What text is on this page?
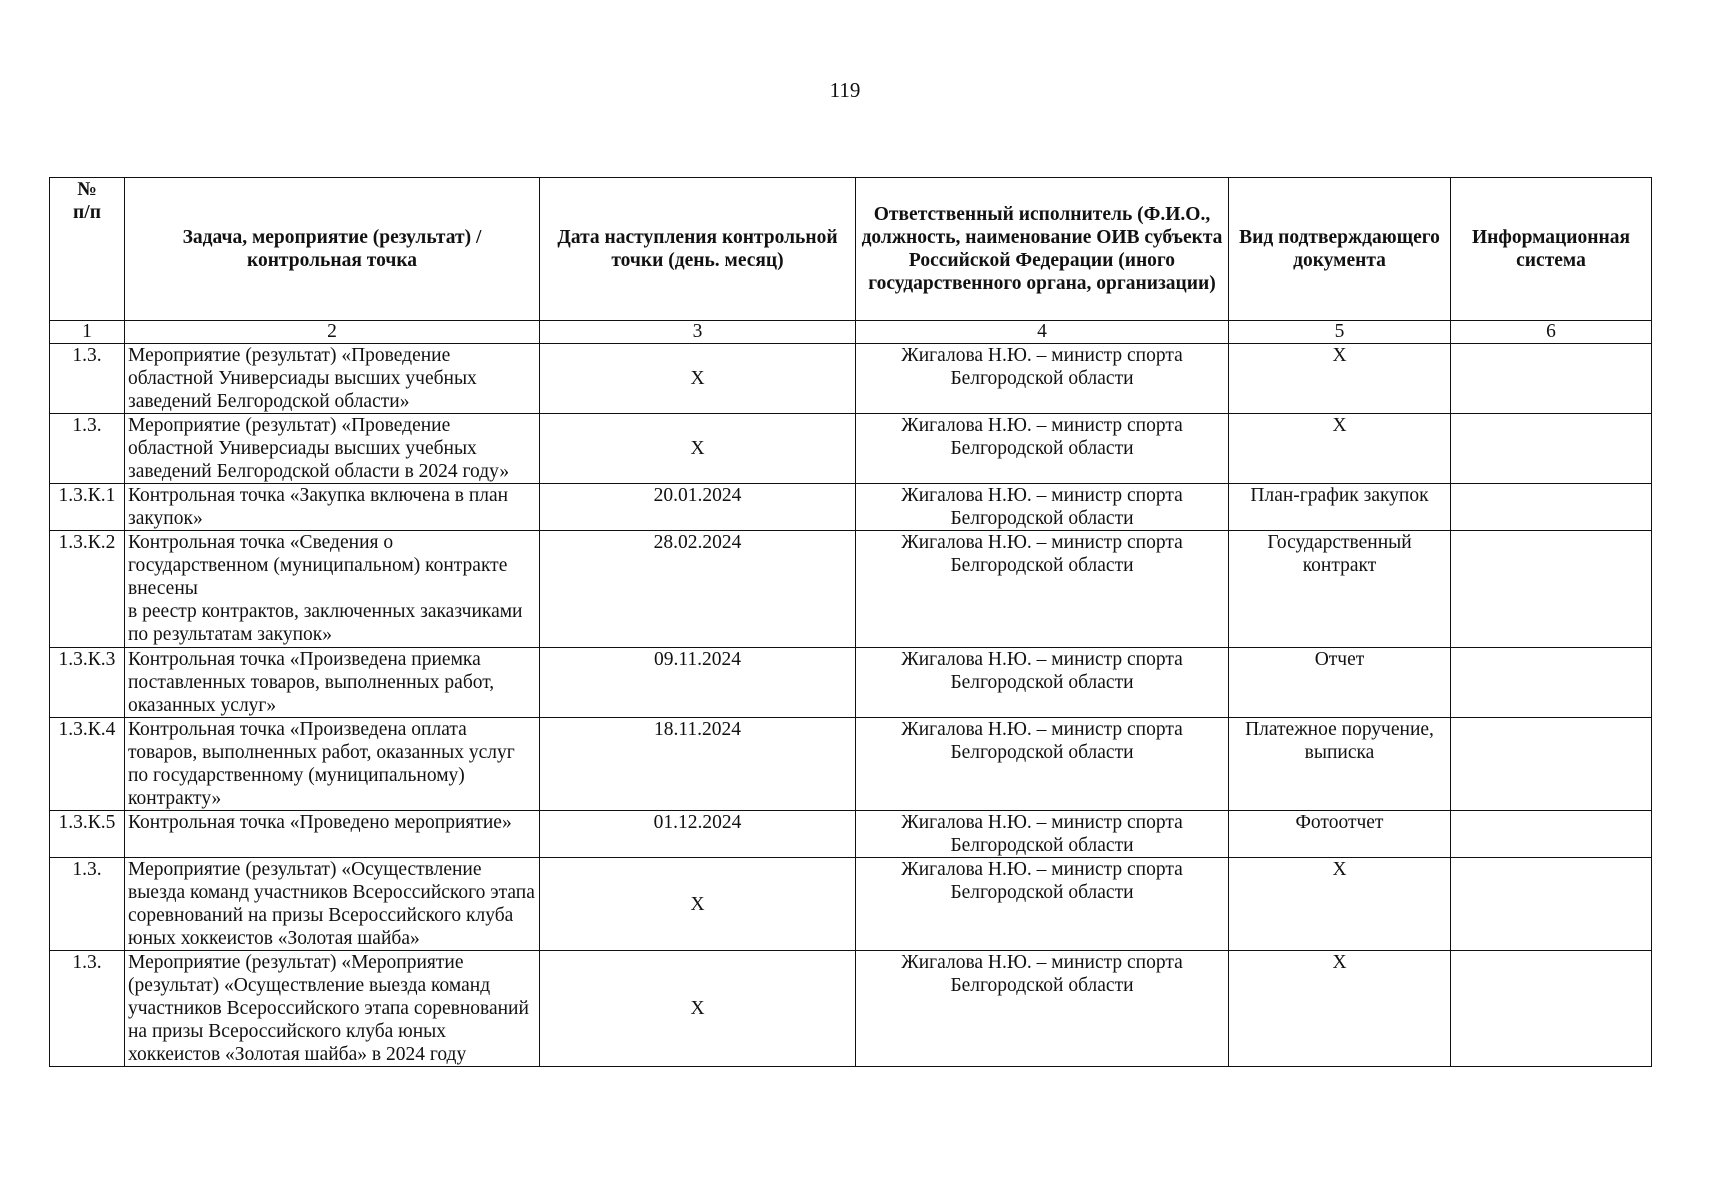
119
№
п/п	Задача, мероприятие (результат) / контрольная точка	Дата наступления контрольной точки (день. месяц)	Ответственный исполнитель (Ф.И.О., должность, наименование ОИВ субъекта Российской Федерации (иного государственного органа, организации)	Вид подтверждающего документа	Информационная система
1	2	3	4	5	6
1.3.	Мероприятие (результат) «Проведение областной Универсиады высших учебных заведений Белгородской области»	X	Жигалова Н.Ю. – министр спорта Белгородской области	X	
1.3.	Мероприятие (результат) «Проведение областной Универсиады высших учебных заведений Белгородской области в 2024 году»	X	Жигалова Н.Ю. – министр спорта Белгородской области	X	
1.3.К.1	Контрольная точка «Закупка включена в план закупок»	20.01.2024	Жигалова Н.Ю. – министр спорта Белгородской области	План-график закупок	
1.3.К.2	Контрольная точка «Сведения о государственном (муниципальном) контракте внесены
в реестр контрактов, заключенных заказчиками по результатам закупок»	28.02.2024	Жигалова Н.Ю. – министр спорта Белгородской области	Государственный контракт	
1.3.К.3	Контрольная точка «Произведена приемка поставленных товаров, выполненных работ, оказанных услуг»	09.11.2024	Жигалова Н.Ю. – министр спорта Белгородской области	Отчет	
1.3.К.4	Контрольная точка «Произведена оплата товаров, выполненных работ, оказанных услуг по государственному (муниципальному) контракту»	18.11.2024	Жигалова Н.Ю. – министр спорта Белгородской области	Платежное поручение, выписка	
1.3.К.5	Контрольная точка «Проведено мероприятие»	01.12.2024	Жигалова Н.Ю. – министр спорта Белгородской области	Фотоотчет	
1.3.	Мероприятие (результат) «Осуществление выезда команд участников Всероссийского этапа соревнований на призы Всероссийского клуба юных хоккеистов «Золотая шайба»	X	Жигалова Н.Ю. – министр спорта Белгородской области	X	
1.3.	Мероприятие (результат) «Мероприятие (результат) «Осуществление выезда команд участников Всероссийского этапа соревнований на призы Всероссийского клуба юных хоккеистов «Золотая шайба» в 2024 году	X	Жигалова Н.Ю. – министр спорта Белгородской области	X	
